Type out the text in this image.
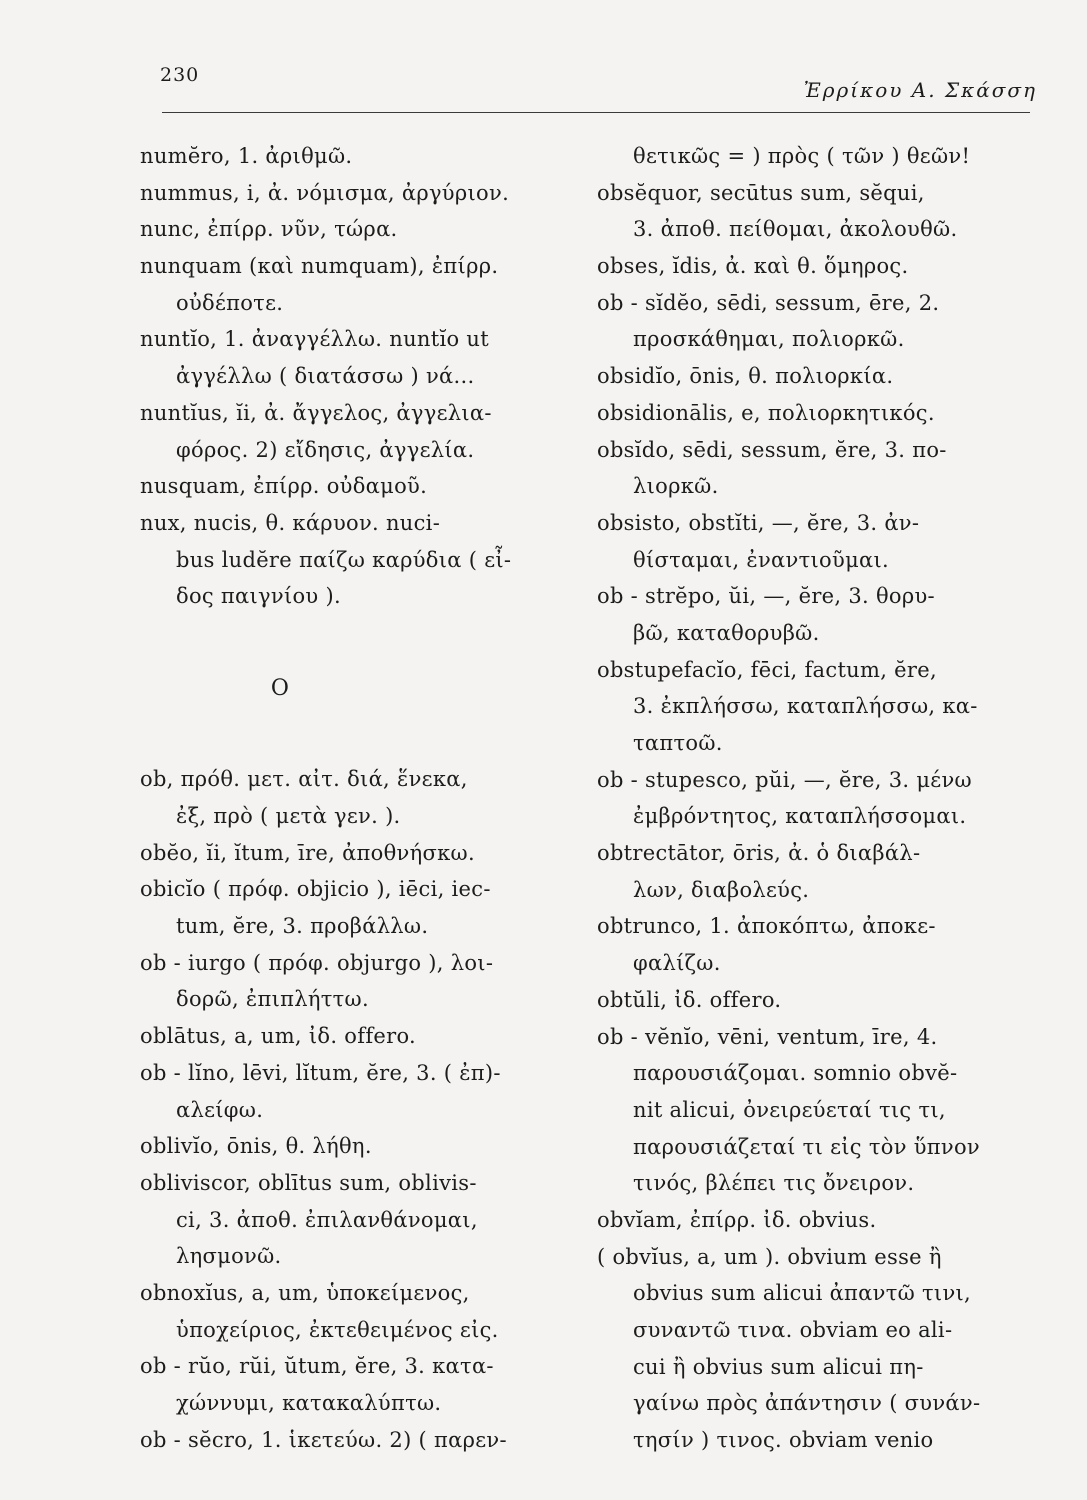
230
Ἐρρίκου Α. Σκάσση
numĕro, 1. ἀριθμῶ.
nummus, i, ἀ. νόμισμα, ἀργύριον.
nunc, ἐπίρρ. νῦν, τώρα.
nunquam (καὶ numquam), ἐπίρρ.
οὐδέποτε.
nuntĭo, 1. ἀναγγέλλω. nuntĭo ut
ἀγγέλλω ( διατάσσω ) νά...
nuntĭus, ĭi, ἀ. ἄγγελος, ἀγγελια-
φόρος. 2) εἴδησις, ἀγγελία.
nusquam, ἐπίρρ. οὐδαμοῦ.
nux, nucis, θ. κάρυον. nuci-
bus ludĕre παίζω καρύδια ( εἶ-
δος παιγνίου ).
O
ob, πρόθ. μετ. αἰτ. διά, ἕνεκα,
ἐξ, πρὸ ( μετὰ γεν. ).
obĕo, ĭi, ĭtum, īre, ἀποθνήσκω.
obicĭo ( πρόφ. objicio ), iēci, iec-
tum, ĕre, 3. προβάλλω.
ob - iurgo ( πρόφ. objurgo ), λοι-
δορῶ, ἐπιπλήττω.
oblātus, a, um, ἰδ. offero.
ob - lĭno, lēvi, lĭtum, ĕre, 3. ( ἐπ)-
αλείφω.
oblivĭo, ōnis, θ. λήθη.
obliviscor, oblītus sum, oblivis-
ci, 3. ἀποθ. ἐπιλανθάνομαι,
λησμονῶ.
obnoxĭus, a, um, ὑποκείμενος,
ὑποχείριος, ἐκτεθειμένος εἰς.
ob - rŭo, rŭi, ŭtum, ĕre, 3. κατα-
χώννυμι, κατακαλύπτω.
ob - sĕcro, 1. ἱκετεύω. 2) ( παρεν-
θετικῶς = ) πρὸς ( τῶν ) θεῶν!
obsĕquor, secūtus sum, sĕqui,
3. ἀποθ. πείθομαι, ἀκολουθῶ.
obses, ĭdis, ἀ. καὶ θ. ὅμηρος.
ob - sĭdĕo, sēdi, sessum, ēre, 2.
προσκάθημαι, πολιορκῶ.
obsidĭo, ōnis, θ. πολιορκία.
obsidionālis, e, πολιορκητικός.
obsĭdo, sēdi, sessum, ĕre, 3. πο-
λιορκῶ.
obsisto, obstĭti, —, ĕre, 3. ἀν-
θίσταμαι, ἐναντιοῦμαι.
ob - strĕpo, ŭi, —, ĕre, 3. θορυ-
βῶ, καταθορυβῶ.
obstupefacĭo, fēci, factum, ĕre,
3. ἐκπλήσσω, καταπλήσσω, κα-
ταπτοῶ.
ob - stupesco, pŭi, —, ĕre, 3. μένω
ἐμβρόντητος, καταπλήσσομαι.
obtrectātor, ōris, ἀ. ὁ διαβάλ-
λων, διαβολεύς.
obtrunco, 1. ἀποκόπτω, ἀποκε-
φαλίζω.
obtŭli, ἰδ. offero.
ob - vĕnĭo, vēni, ventum, īre, 4.
παρουσιάζομαι. somnio obvĕ-
nit alicui, ὀνειρεύεταί τις τι,
παρουσιάζεταί τι εἰς τὸν ὕπνον
τινός, βλέπει τις ὄνειρον.
obvĭam, ἐπίρρ. ἰδ. obvius.
( obvĭus, a, um ). obvium esse ἢ
obvius sum alicui ἀπαντῶ τινι,
συναντῶ τινα. obviam eo ali-
cui ἢ obvius sum alicui πη-
γαίνω πρὸς ἀπάντησιν ( συνάν-
τησίν ) τινος. obviam venio
